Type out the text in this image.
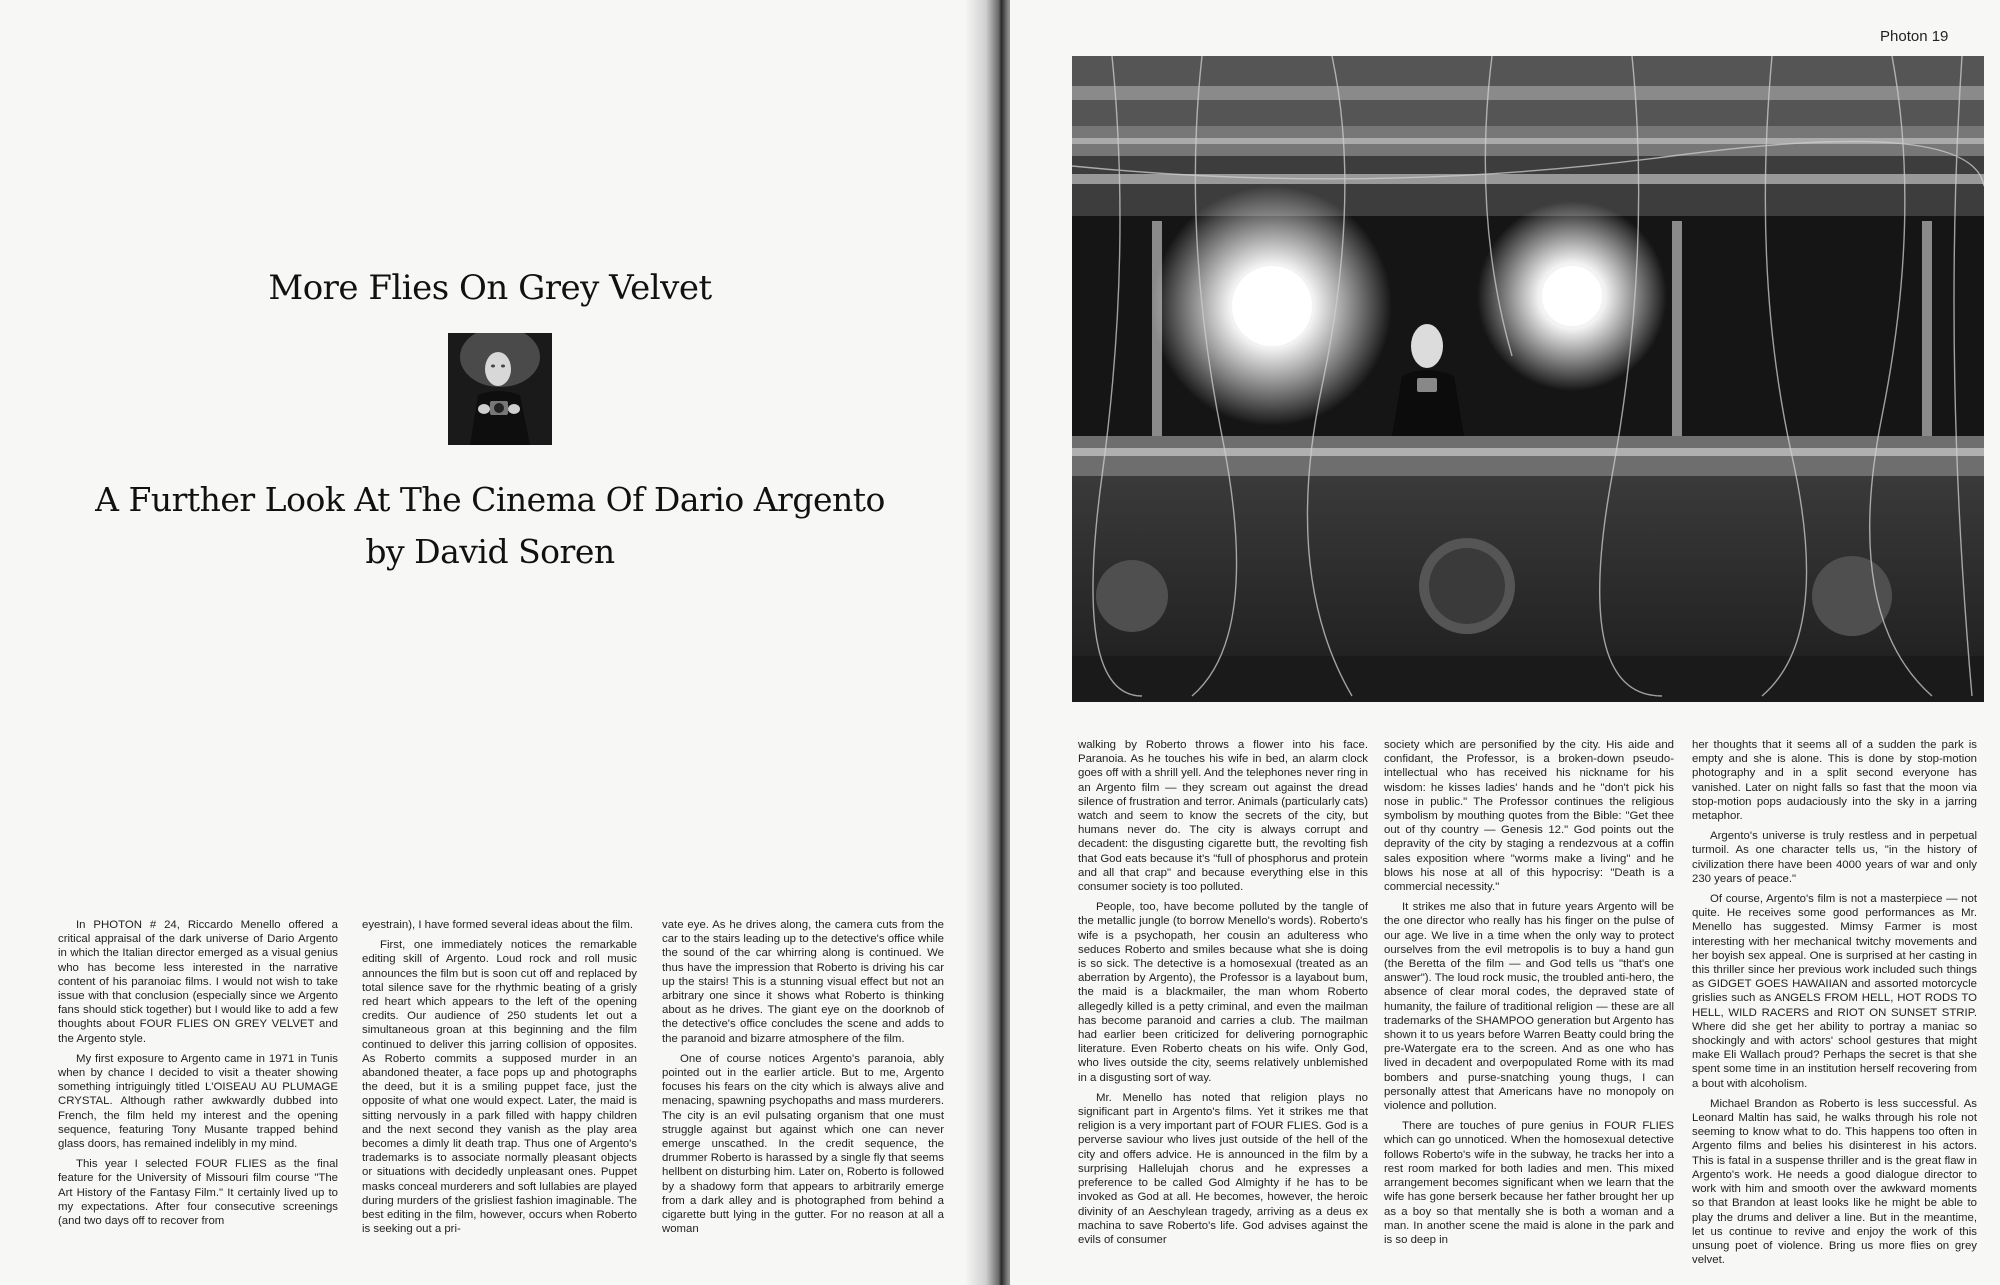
More Flies On Grey Velvet
A Further Look At The Cinema Of Dario Argento
by David Soren

In PHOTON # 24, Riccardo Menello offered a critical appraisal of the dark universe of Dario Argento in which the Italian director emerged as a visual genius who has become less interested in the narrative content of his paranoiac films. I would not wish to take issue with that conclusion (especially since we Argento fans should stick together) but I would like to add a few thoughts about FOUR FLIES ON GREY VELVET and the Argento style.

My first exposure to Argento came in 1971 in Tunis when by chance I decided to visit a theater showing something intriguingly titled L'OISEAU AU PLUMAGE CRYSTAL. Although rather awkwardly dubbed into French, the film held my interest and the opening sequence, featuring Tony Musante trapped behind glass doors, has remained indelibly in my mind.

This year I selected FOUR FLIES as the final feature for the University of Missouri film course "The Art History of the Fantasy Film." It certainly lived up to my expectations. After four consecutive screenings (and two days off to recover from

eyestrain), I have formed several ideas about the film.

First, one immediately notices the remarkable editing skill of Argento. Loud rock and roll music announces the film but is soon cut off and replaced by total silence save for the rhythmic beating of a grisly red heart which appears to the left of the opening credits. Our audience of 250 students let out a simultaneous groan at this beginning and the film continued to deliver this jarring collision of opposites. As Roberto commits a supposed murder in an abandoned theater, a face pops up and photographs the deed, but it is a smiling puppet face, just the opposite of what one would expect. Later, the maid is sitting nervously in a park filled with happy children and the next second they vanish as the play area becomes a dimly lit death trap. Thus one of Argento's trademarks is to associate normally pleasant objects or situations with decidedly unpleasant ones. Puppet masks conceal murderers and soft lullabies are played during murders of the grisliest fashion imaginable. The best editing in the film, however, occurs when Roberto is seeking out a pri-

vate eye. As he drives along, the camera cuts from the car to the stairs leading up to the detective's office while the sound of the car whirring along is continued. We thus have the impression that Roberto is driving his car up the stairs! This is a stunning visual effect but not an arbitrary one since it shows what Roberto is thinking about as he drives. The giant eye on the doorknob of the detective's office concludes the scene and adds to the paranoid and bizarre atmosphere of the film.

One of course notices Argento's paranoia, ably pointed out in the earlier article. But to me, Argento focuses his fears on the city which is always alive and menacing, spawning psychopaths and mass murderers. The city is an evil pulsating organism that one must struggle against but against which one can never emerge unscathed. In the credit sequence, the drummer Roberto is harassed by a single fly that seems hellbent on disturbing him. Later on, Roberto is followed by a shadowy form that appears to arbitrarily emerge from a dark alley and is photographed from behind a cigarette butt lying in the gutter. For no reason at all a woman

Photon 19

walking by Roberto throws a flower into his face. Paranoia. As he touches his wife in bed, an alarm clock goes off with a shrill yell. And the telephones never ring in an Argento film — they scream out against the dread silence of frustration and terror. Animals (particularly cats) watch and seem to know the secrets of the city, but humans never do. The city is always corrupt and decadent: the disgusting cigarette butt, the revolting fish that God eats because it's "full of phosphorus and protein and all that crap" and because everything else in this consumer society is too polluted.

People, too, have become polluted by the tangle of the metallic jungle (to borrow Menello's words). Roberto's wife is a psychopath, her cousin an adulteress who seduces Roberto and smiles because what she is doing is so sick. The detective is a homosexual (treated as an aberration by Argento), the Professor is a layabout bum, the maid is a blackmailer, the man whom Roberto allegedly killed is a petty criminal, and even the mailman has become paranoid and carries a club. The mailman had earlier been criticized for delivering pornographic literature. Even Roberto cheats on his wife. Only God, who lives outside the city, seems relatively unblemished in a disgusting sort of way.

Mr. Menello has noted that religion plays no significant part in Argento's films. Yet it strikes me that religion is a very important part of FOUR FLIES. God is a perverse saviour who lives just outside of the hell of the city and offers advice. He is announced in the film by a surprising Hallelujah chorus and he expresses a preference to be called God Almighty if he has to be invoked as God at all. He becomes, however, the heroic divinity of an Aeschylean tragedy, arriving as a deus ex machina to save Roberto's life. God advises against the evils of consumer

society which are personified by the city. His aide and confidant, the Professor, is a broken-down pseudo-intellectual who has received his nickname for his wisdom: he kisses ladies' hands and he "don't pick his nose in public." The Professor continues the religious symbolism by mouthing quotes from the Bible: "Get thee out of thy country — Genesis 12." God points out the depravity of the city by staging a rendezvous at a coffin sales exposition where "worms make a living" and he blows his nose at all of this hypocrisy: "Death is a commercial necessity."

It strikes me also that in future years Argento will be the one director who really has his finger on the pulse of our age. We live in a time when the only way to protect ourselves from the evil metropolis is to buy a hand gun (the Beretta of the film — and God tells us "that's one answer"). The loud rock music, the troubled anti-hero, the absence of clear moral codes, the depraved state of humanity, the failure of traditional religion — these are all trademarks of the SHAMPOO generation but Argento has shown it to us years before Warren Beatty could bring the pre-Watergate era to the screen. And as one who has lived in decadent and overpopulated Rome with its mad bombers and purse-snatching young thugs, I can personally attest that Americans have no monopoly on violence and pollution.

There are touches of pure genius in FOUR FLIES which can go unnoticed. When the homosexual detective follows Roberto's wife in the subway, he tracks her into a rest room marked for both ladies and men. This mixed arrangement becomes significant when we learn that the wife has gone berserk because her father brought her up as a boy so that mentally she is both a woman and a man. In another scene the maid is alone in the park and is so deep in

her thoughts that it seems all of a sudden the park is empty and she is alone. This is done by stop-motion photography and in a split second everyone has vanished. Later on night falls so fast that the moon via stop-motion pops audaciously into the sky in a jarring metaphor.

Argento's universe is truly restless and in perpetual turmoil. As one character tells us, "in the history of civilization there have been 4000 years of war and only 230 years of peace."

Of course, Argento's film is not a masterpiece — not quite. He receives some good performances as Mr. Menello has suggested. Mimsy Farmer is most interesting with her mechanical twitchy movements and her boyish sex appeal. One is surprised at her casting in this thriller since her previous work included such things as GIDGET GOES HAWAIIAN and assorted motorcycle grislies such as ANGELS FROM HELL, HOT RODS TO HELL, WILD RACERS and RIOT ON SUNSET STRIP. Where did she get her ability to portray a maniac so shockingly and with actors' school gestures that might make Eli Wallach proud? Perhaps the secret is that she spent some time in an institution herself recovering from a bout with alcoholism.

Michael Brandon as Roberto is less successful. As Leonard Maltin has said, he walks through his role not seeming to know what to do. This happens too often in Argento films and belies his disinterest in his actors. This is fatal in a suspense thriller and is the great flaw in Argento's work. He needs a good dialogue director to work with him and smooth over the awkward moments so that Brandon at least looks like he might be able to play the drums and deliver a line. But in the meantime, let us continue to revive and enjoy the work of this unsung poet of violence. Bring us more flies on grey velvet.
